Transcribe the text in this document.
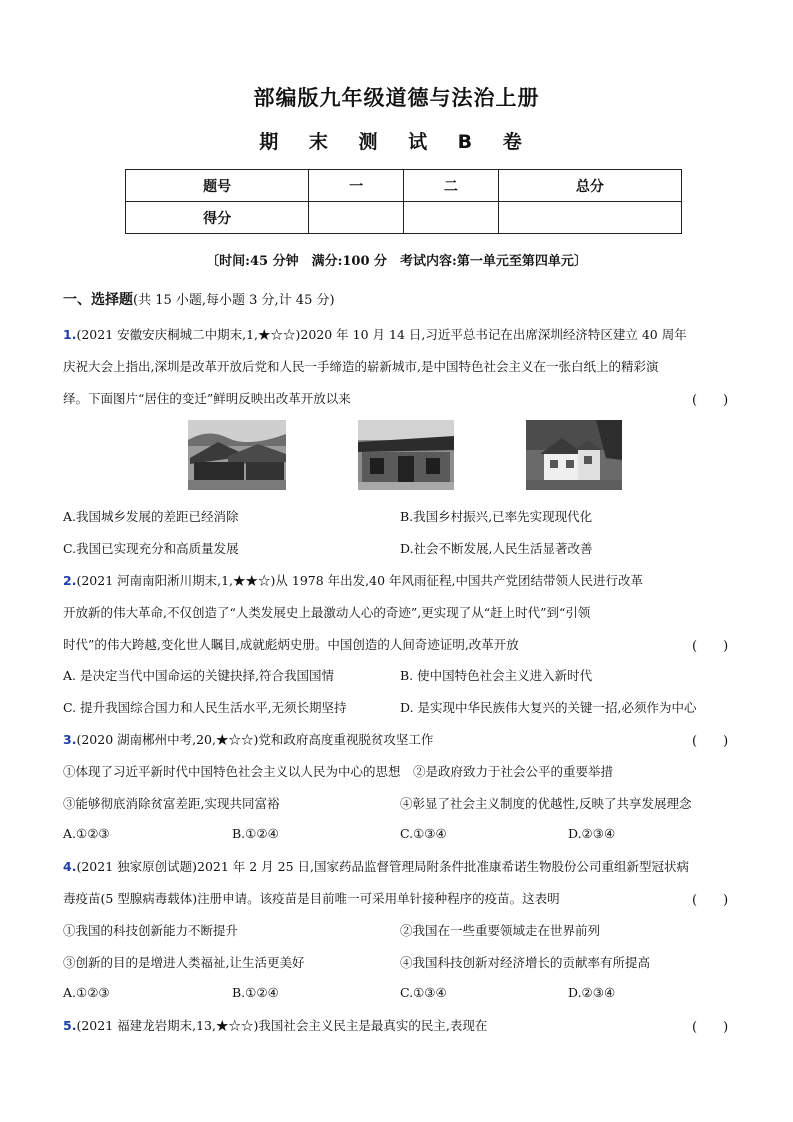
部编版九年级道德与法治上册
期 末 测 试 B 卷
题号	一	二	总分
得分			
〔时间:45 分钟　满分:100 分　考试内容:第一单元至第四单元〕
一、选择题(共 15 小题,每小题 3 分,计 45 分)
1.(2021 安徽安庆桐城二中期末,1,★☆☆)2020 年 10 月 14 日,习近平总书记在出席深圳经济特区建立 40 周年
庆祝大会上指出,深圳是改革开放后党和人民一手缔造的崭新城市,是中国特色社会主义在一张白纸上的精彩演
绎。下面图片“居住的变迁”鲜明反映出改革开放以来	(　　)
A.我国城乡发展的差距已经消除	B.我国乡村振兴,已率先实现现代化
C.我国已实现充分和高质量发展	D.社会不断发展,人民生活显著改善
2.(2021 河南南阳淅川期末,1,★★☆)从 1978 年出发,40 年风雨征程,中国共产党团结带领人民进行改革
开放新的伟大革命,不仅创造了“人类发展史上最激动人心的奇迹”,更实现了从“赶上时代”到“引领
时代”的伟大跨越,变化世人瞩目,成就彪炳史册。中国创造的人间奇迹证明,改革开放	(　　)
A. 是决定当代中国命运的关键抉择,符合我国国情	B. 使中国特色社会主义进入新时代
C. 提升我国综合国力和人民生活水平,无须长期坚持	D. 是实现中华民族伟大复兴的关键一招,必须作为中心
3.(2020 湖南郴州中考,20,★☆☆)党和政府高度重视脱贫攻坚工作	(　　)
①体现了习近平新时代中国特色社会主义以人民为中心的思想　②是政府致力于社会公平的重要举措
③能够彻底消除贫富差距,实现共同富裕	④彰显了社会主义制度的优越性,反映了共享发展理念
A.①②③	B.①②④	C.①③④	D.②③④
4.(2021 独家原创试题)2021 年 2 月 25 日,国家药品监督管理局附条件批准康希诺生物股份公司重组新型冠状病
毒疫苗(5 型腺病毒载体)注册申请。该疫苗是目前唯一可采用单针接种程序的疫苗。这表明	(　　)
①我国的科技创新能力不断提升	②我国在一些重要领域走在世界前列
③创新的目的是增进人类福祉,让生活更美好	④我国科技创新对经济增长的贡献率有所提高
A.①②③	B.①②④	C.①③④	D.②③④
5.(2021 福建龙岩期末,13,★☆☆)我国社会主义民主是最真实的民主,表现在	(　　)
